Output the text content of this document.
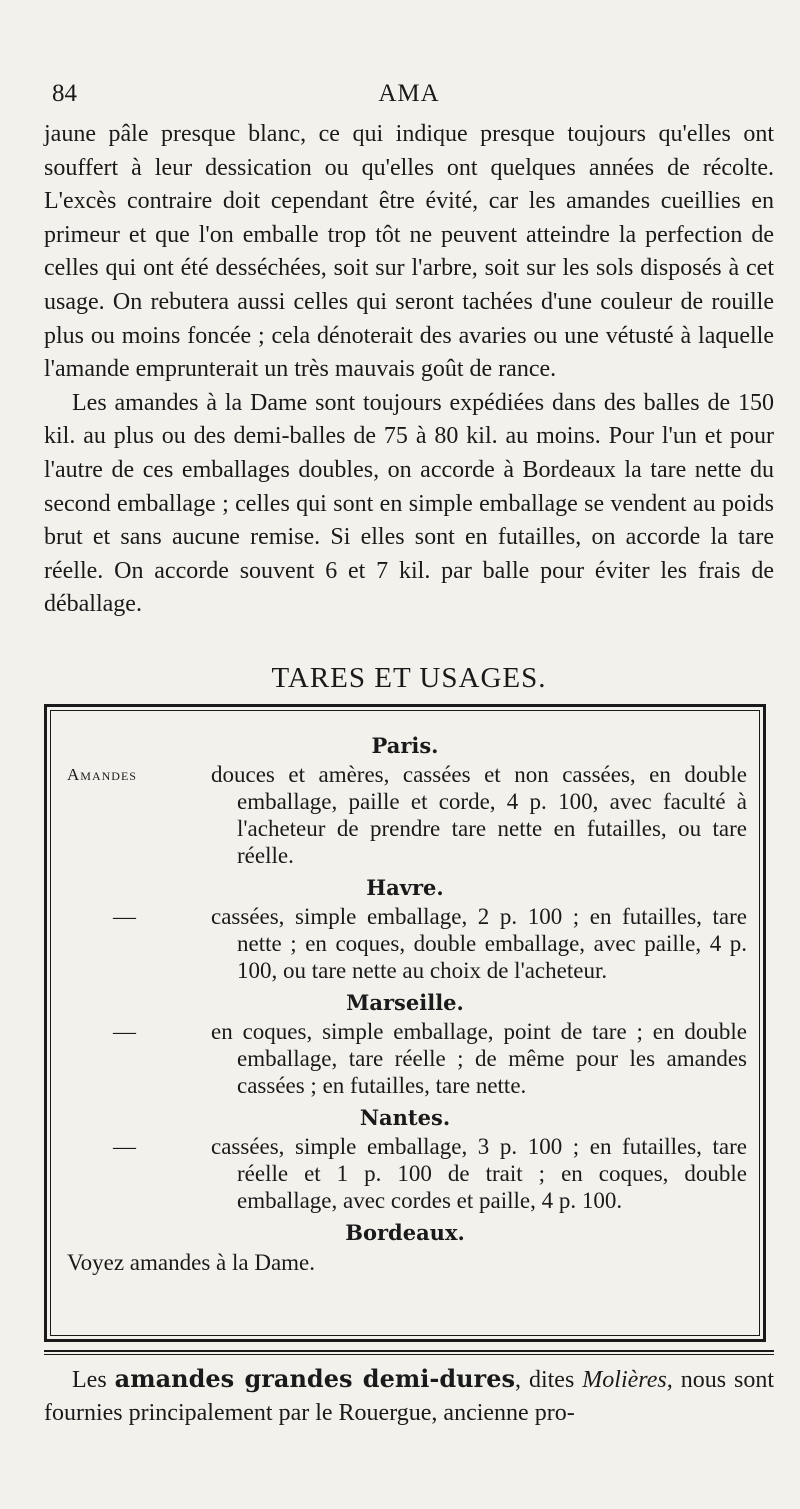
84	AMA

jaune pâle presque blanc, ce qui indique presque toujours qu'elles ont souffert à leur dessication ou qu'elles ont quelques années de récolte. L'excès contraire doit cependant être évité, car les amandes cueillies en primeur et que l'on emballe trop tôt ne peuvent atteindre la perfection de celles qui ont été desséchées, soit sur l'arbre, soit sur les sols disposés à cet usage. On rebutera aussi celles qui seront tachées d'une couleur de rouille plus ou moins foncée ; cela dénoterait des avaries ou une vétusté à laquelle l'amande emprunterait un très mauvais goût de rance.

Les amandes à la Dame sont toujours expédiées dans des balles de 150 kil. au plus ou des demi-balles de 75 à 80 kil. au moins. Pour l'un et pour l'autre de ces emballages doubles, on accorde à Bordeaux la tare nette du second emballage ; celles qui sont en simple emballage se vendent au poids brut et sans aucune remise. Si elles sont en futailles, on accorde la tare réelle. On accorde souvent 6 et 7 kil. par balle pour éviter les frais de déballage.

TARES ET USAGES.
Paris.
Amandes	douces et amères, cassées et non cassées, en double emballage, paille et corde, 4 p. 100, avec faculté à l'acheteur de prendre tare nette en futailles, ou tare réelle.
Havre.
—	cassées, simple emballage, 2 p. 100 ; en futailles, tare nette ; en coques, double emballage, avec paille, 4 p. 100, ou tare nette au choix de l'acheteur.
Marseille.
—	en coques, simple emballage, point de tare ; en double emballage, tare réelle ; de même pour les amandes cassées ; en futailles, tare nette.
Nantes.
—	cassées, simple emballage, 3 p. 100 ; en futailles, tare réelle et 1 p. 100 de trait ; en coques, double emballage, avec cordes et paille, 4 p. 100.
Bordeaux.
Voyez amandes à la Dame.

Les amandes grandes demi-dures, dites Molières, nous sont fournies principalement par le Rouergue, ancienne pro-
